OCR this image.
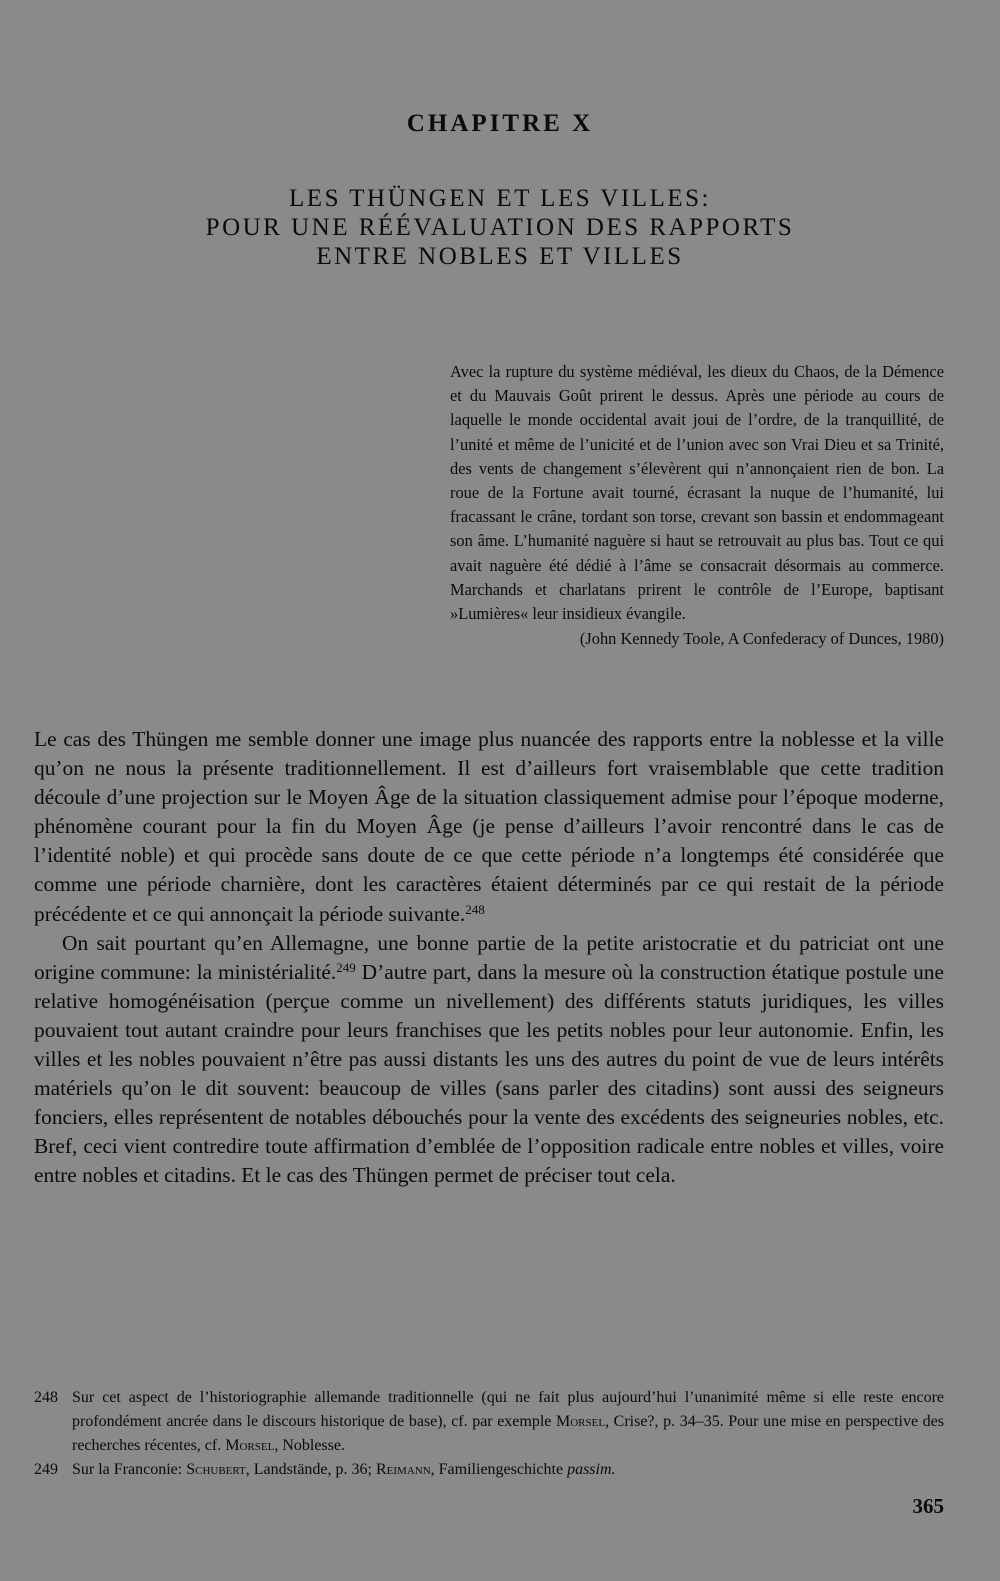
CHAPITRE X
LES THÜNGEN ET LES VILLES:
POUR UNE RÉÉVALUATION DES RAPPORTS
ENTRE NOBLES ET VILLES

Avec la rupture du système médiéval, les dieux du Chaos, de la Démence et du Mauvais Goût prirent le dessus. Après une période au cours de laquelle le monde occidental avait joui de l’ordre, de la tranquillité, de l’unité et même de l’unicité et de l’union avec son Vrai Dieu et sa Trinité, des vents de changement s’élevèrent qui n’annonçaient rien de bon. La roue de la Fortune avait tourné, écrasant la nuque de l’humanité, lui fracassant le crâne, tordant son torse, crevant son bassin et endommageant son âme. L’humanité naguère si haut se retrouvait au plus bas. Tout ce qui avait naguère été dédié à l’âme se consacrait désormais au commerce. Marchands et charlatans prirent le contrôle de l’Europe, baptisant »Lumières« leur insidieux évangile.

(John Kennedy Toole, A Confederacy of Dunces, 1980)

Le cas des Thüngen me semble donner une image plus nuancée des rapports entre la noblesse et la ville qu’on ne nous la présente traditionnellement. Il est d’ailleurs fort vraisemblable que cette tradition découle d’une projection sur le Moyen Âge de la situation classiquement admise pour l’époque moderne, phénomène courant pour la fin du Moyen Âge (je pense d’ailleurs l’avoir rencontré dans le cas de l’identité noble) et qui procède sans doute de ce que cette période n’a longtemps été considérée que comme une période charnière, dont les caractères étaient déterminés par ce qui restait de la période précédente et ce qui annonçait la période suivante.$^{248}$

On sait pourtant qu’en Allemagne, une bonne partie de la petite aristocratie et du patriciat ont une origine commune: la ministérialité.$^{249}$ D’autre part, dans la mesure où la construction étatique postule une relative homogénéisation (perçue comme un nivellement) des différents statuts juridiques, les villes pouvaient tout autant craindre pour leurs franchises que les petits nobles pour leur autonomie. Enfin, les villes et les nobles pouvaient n’être pas aussi distants les uns des autres du point de vue de leurs intérêts matériels qu’on le dit souvent: beaucoup de villes (sans parler des citadins) sont aussi des seigneurs fonciers, elles représentent de notables débouchés pour la vente des excédents des seigneuries nobles, etc. Bref, ceci vient contredire toute affirmation d’emblée de l’opposition radicale entre nobles et villes, voire entre nobles et citadins. Et le cas des Thüngen permet de préciser tout cela.

248 Sur cet aspect de l’historiographie allemande traditionnelle (qui ne fait plus aujourd’hui l’unanimité même si elle reste encore profondément ancrée dans le discours historique de base), cf. par exemple Morsel, Crise?, p. 34–35. Pour une mise en perspective des recherches récentes, cf. Morsel, Noblesse.

249 Sur la Franconie: Schubert, Landstände, p. 36; Reimann, Familiengeschichte passim.

365
